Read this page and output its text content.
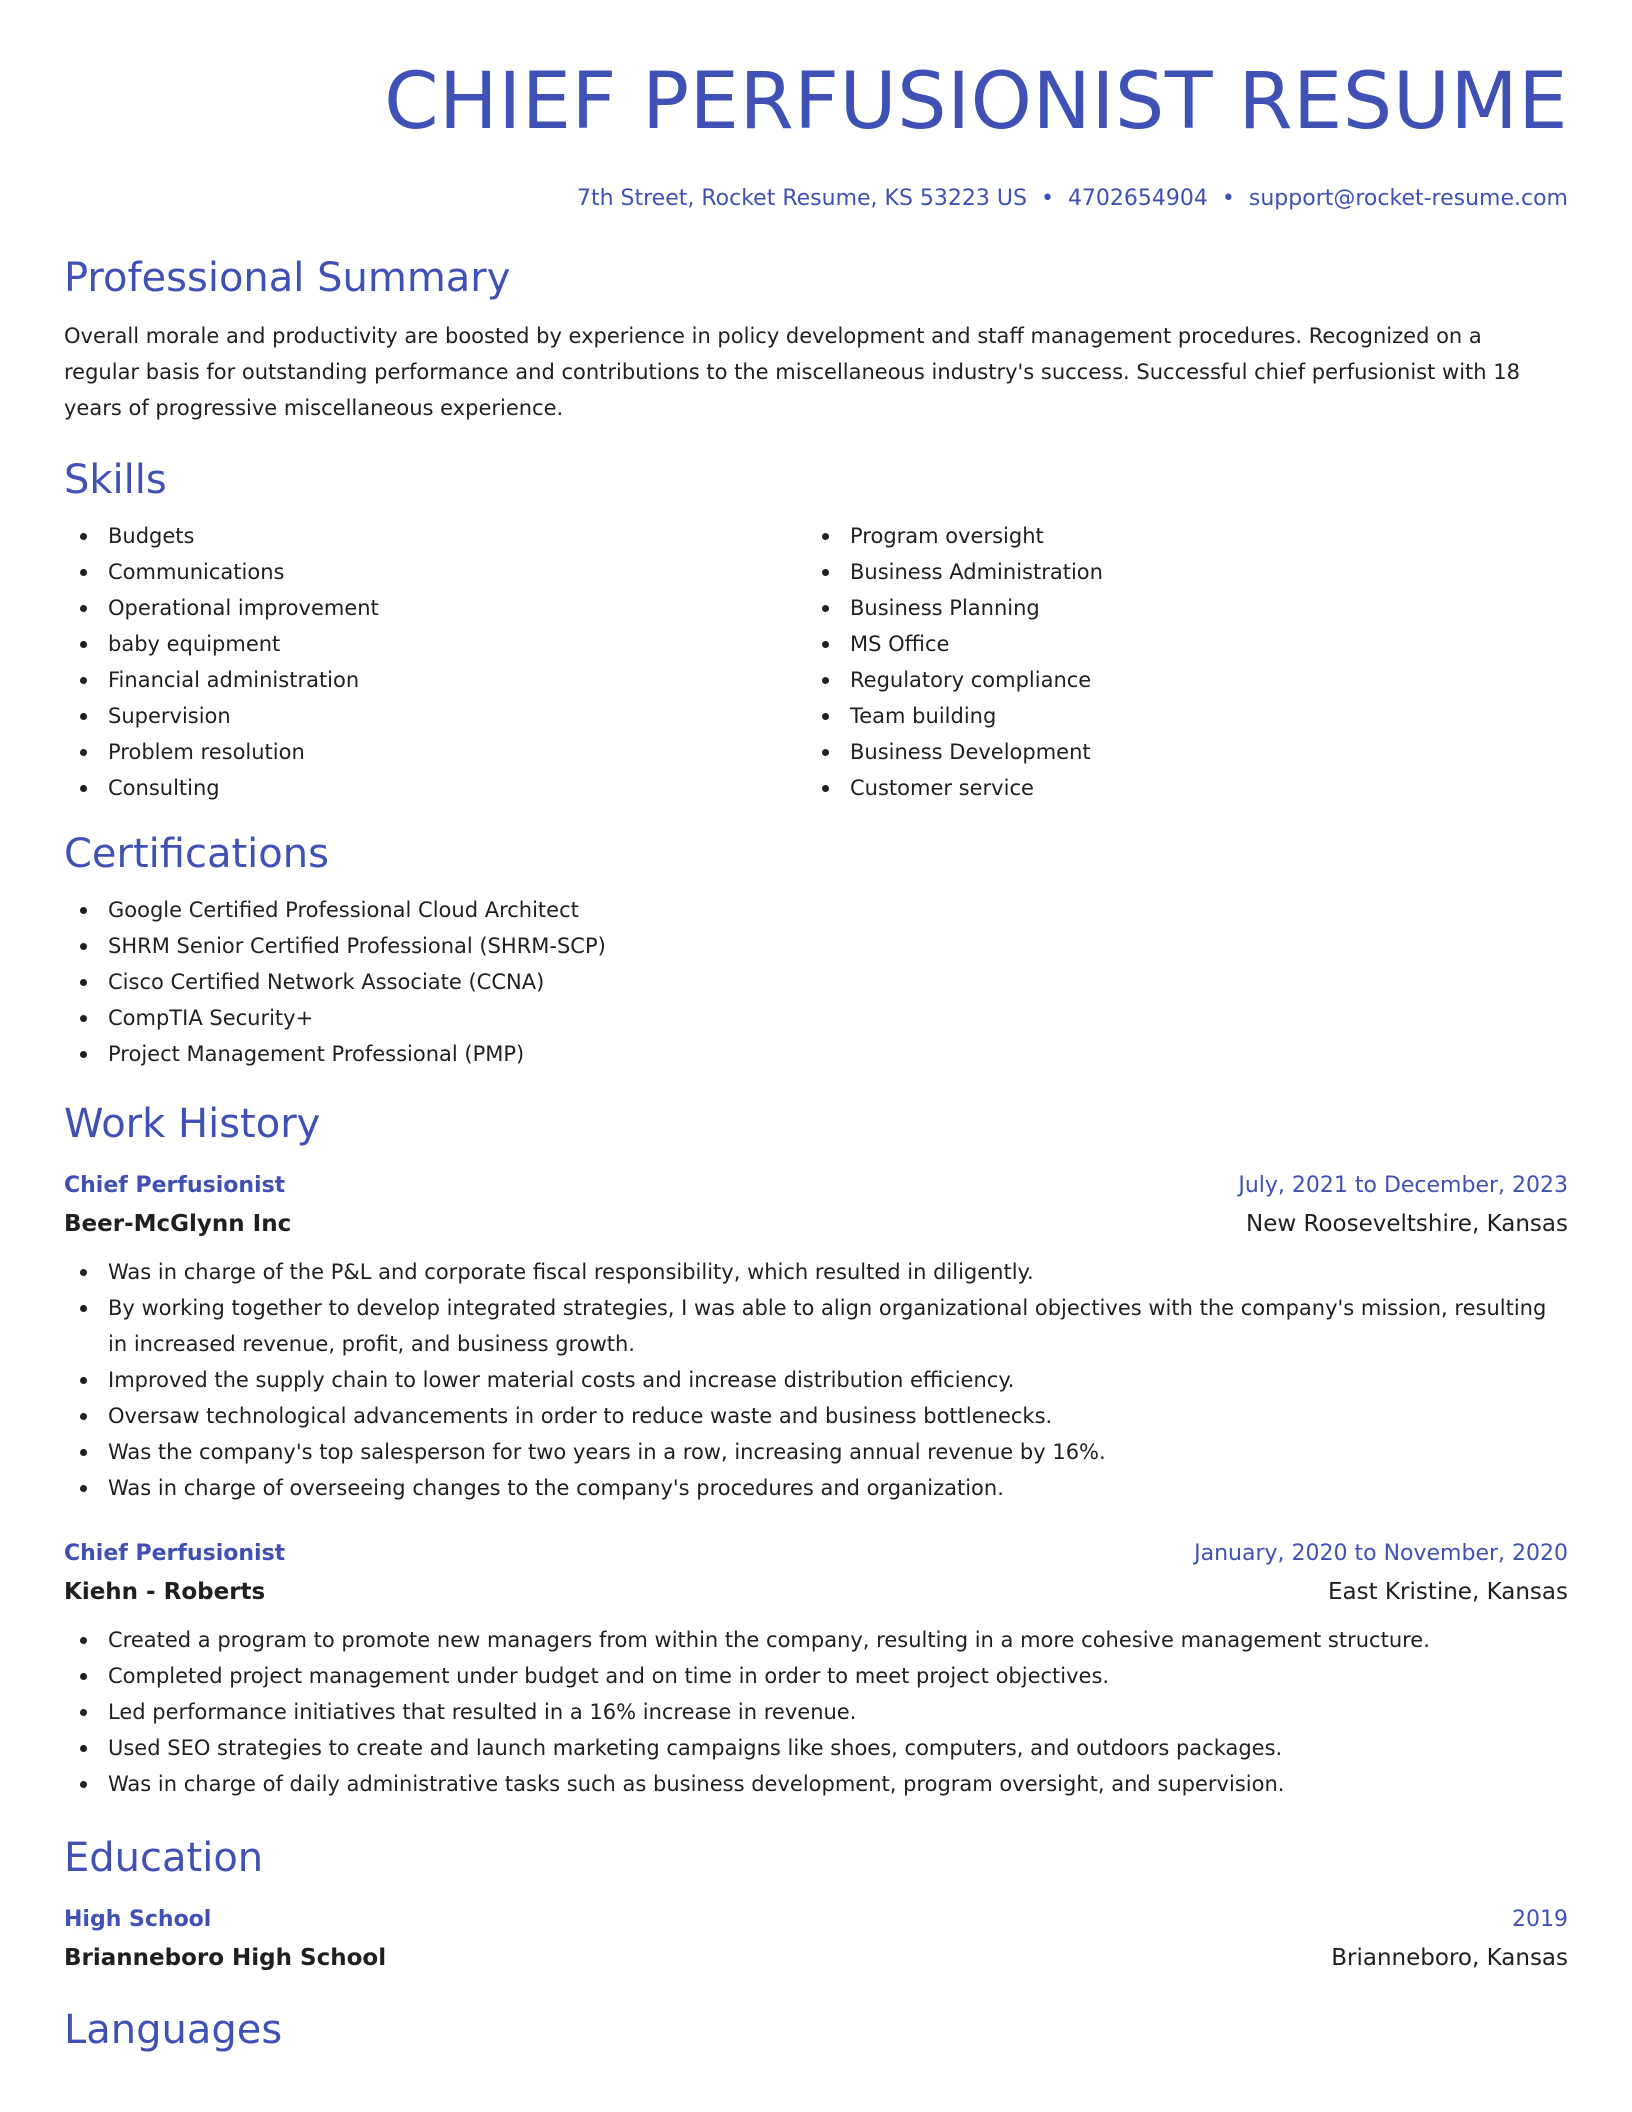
CHIEF PERFUSIONIST RESUME
7th Street, Rocket Resume, KS 53223 US • 4702654904 • support@rocket-resume.com
Professional Summary

Overall morale and productivity are boosted by experience in policy development and staff management procedures. Recognized on a regular basis for outstanding performance and contributions to the miscellaneous industry's success. Successful chief perfusionist with 18 years of progressive miscellaneous experience.

Skills
Budgets
Communications
Operational improvement
baby equipment
Financial administration
Supervision
Problem resolution
Consulting
Program oversight
Business Administration
Business Planning
MS Office
Regulatory compliance
Team building
Business Development
Customer service
Certifications
Google Certified Professional Cloud Architect
SHRM Senior Certified Professional (SHRM-SCP)
Cisco Certified Network Associate (CCNA)
CompTIA Security+
Project Management Professional (PMP)
Work History
Chief Perfusionist	July, 2021 to December, 2023
Beer-McGlynn Inc	New Rooseveltshire, Kansas
Was in charge of the P&L and corporate fiscal responsibility, which resulted in diligently.
By working together to develop integrated strategies, I was able to align organizational objectives with the company's mission, resulting in increased revenue, profit, and business growth.
Improved the supply chain to lower material costs and increase distribution efficiency.
Oversaw technological advancements in order to reduce waste and business bottlenecks.
Was the company's top salesperson for two years in a row, increasing annual revenue by 16%.
Was in charge of overseeing changes to the company's procedures and organization.
Chief Perfusionist	January, 2020 to November, 2020
Kiehn - Roberts	East Kristine, Kansas
Created a program to promote new managers from within the company, resulting in a more cohesive management structure.
Completed project management under budget and on time in order to meet project objectives.
Led performance initiatives that resulted in a 16% increase in revenue.
Used SEO strategies to create and launch marketing campaigns like shoes, computers, and outdoors packages.
Was in charge of daily administrative tasks such as business development, program oversight, and supervision.
Education
High School	2019
Brianneboro High School	Brianneboro, Kansas
Languages
